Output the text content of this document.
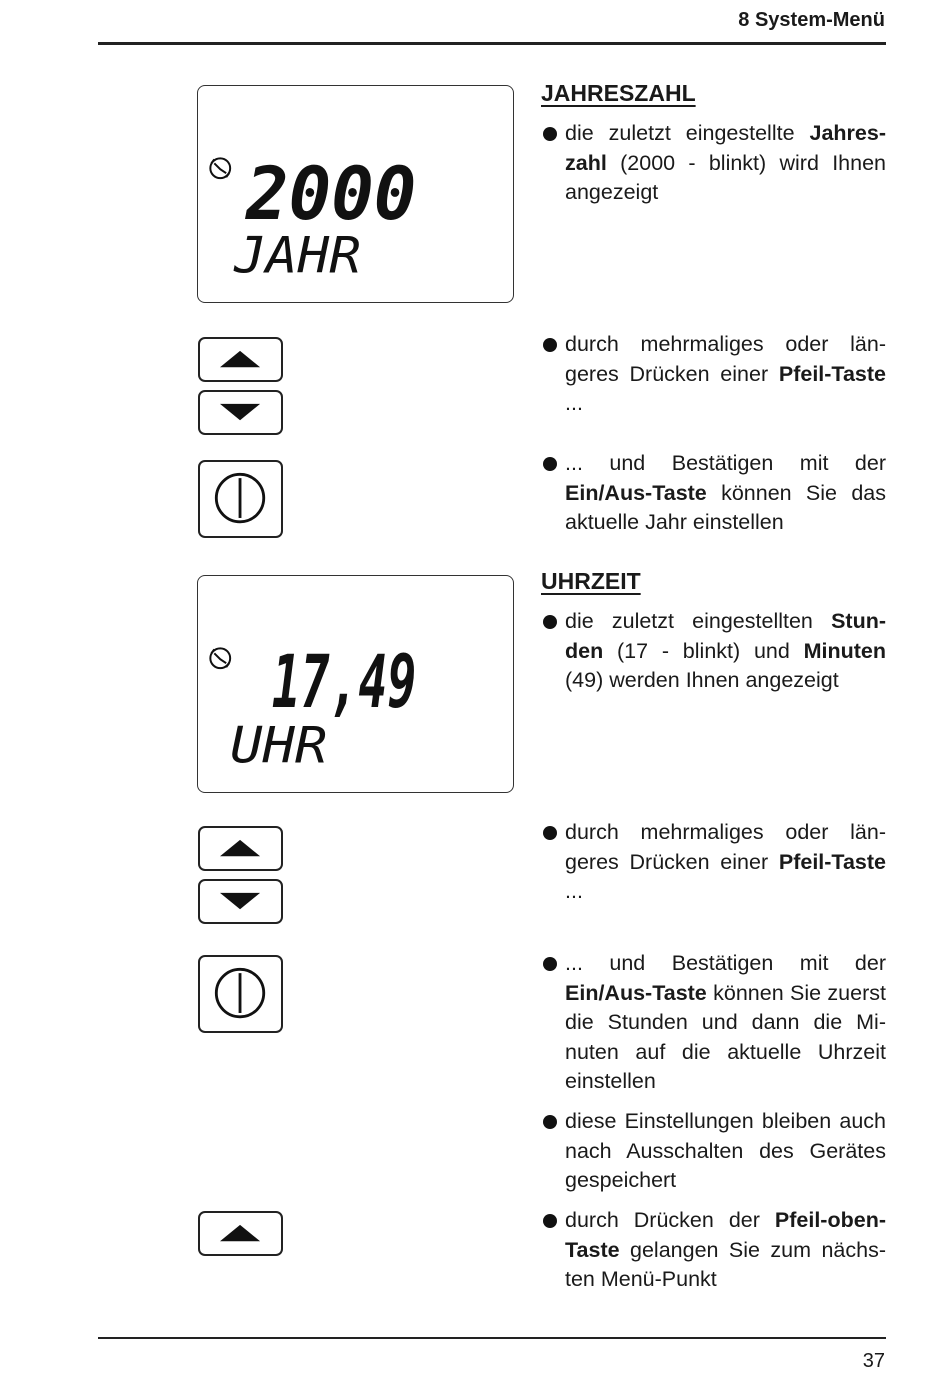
8 System-Menü
2000
JAHR
JAHRESZAHL

die zuletzt eingestellte Jahres-zahl (2000 - blinkt) wird Ihnen angezeigt

durch mehrmaliges oder län-geres Drücken einer Pfeil-Taste ...

... und Bestätigen mit der Ein/Aus-Taste können Sie das aktuelle Jahr einstellen

17,49
UHR
UHRZEIT

die zuletzt eingestellten Stun-den (17 - blinkt) und Minuten (49) werden Ihnen angezeigt

durch mehrmaliges oder län-geres Drücken einer Pfeil-Taste ...

... und Bestätigen mit der Ein/Aus-Taste können Sie zuerst die Stunden und dann die Mi-nuten auf die aktuelle Uhrzeit einstellen

diese Einstellungen bleiben auch nach Ausschalten des Gerätes gespeichert

durch Drücken der Pfeil-oben-Taste gelangen Sie zum nächs-ten Menü-Punkt

37
